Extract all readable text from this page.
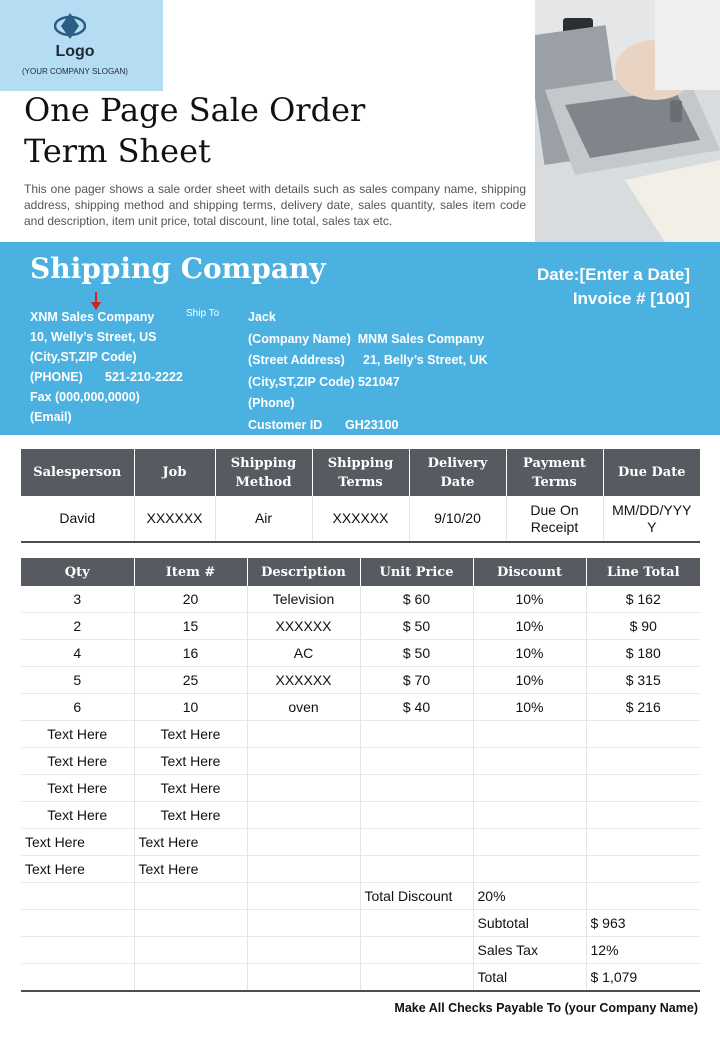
Logo
(YOUR COMPANY SLOGAN)
One Page Sale Order
Term Sheet
This one pager shows a sale order sheet with details such as sales company name, shipping address, shipping method and shipping terms, delivery date, sales quantity, sales item code and description, item unit price, total discount, line total, sales tax etc.
Shipping Company	Date:[Enter a Date]
Invoice # [100]
XNM Sales Company
10, Welly’s Street, US
(City,ST,ZIP Code)
(PHONE) 521-210-2222
Fax (000,000,0000)
(Email)
Ship To Jack
(Company Name) MNM Sales Company
(Street Address) 21, Belly’s Street, UK
(City,ST,ZIP Code) 521047
(Phone)
Customer ID GH23100
Salesperson	Job	Shipping Method	Shipping Terms	Delivery Date	Payment Terms	Due Date
David	XXXXXX	Air	XXXXXX	9/10/20	Due On Receipt	MM/DD/YYYY
Qty	Item #	Description	Unit Price	Discount	Line Total
3	20	Television	$ 60	10%	$ 162
2	15	XXXXXX	$ 50	10%	$ 90
4	16	AC	$ 50	10%	$ 180
5	25	XXXXXX	$ 70	10%	$ 315
6	10	oven	$ 40	10%	$ 216
Text Here	Text Here				
Text Here	Text Here				
Text Here	Text Here				
Text Here	Text Here				
Text Here	Text Here				
Text Here	Text Here				
			Total Discount	20%	
				Subtotal	$ 963
				Sales Tax	12%
				Total	$ 1,079
Make All Checks Payable To (your Company Name)
